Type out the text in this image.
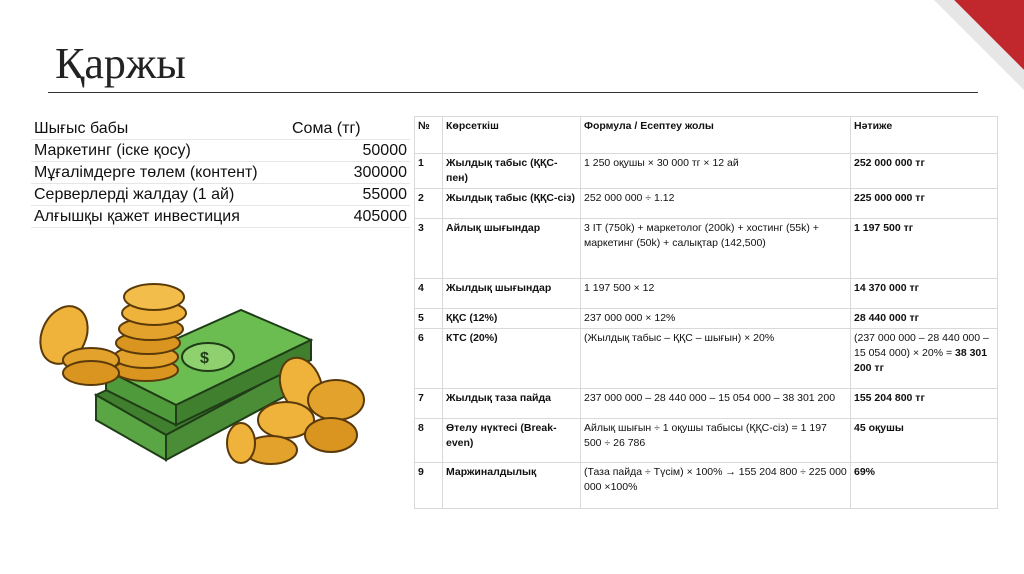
Қаржы
Шығыс бабы	Сома (тг)
Маркетинг (іске қосу)	50000
Мұғалімдерге төлем (контент)	300000
Серверлерді жалдау (1 ай)	55000
Алғышқы қажет инвестиция	405000
$
№	Көрсеткіш	Формула / Есептеу жолы	Нәтиже
1	Жылдық табыс (ҚҚС-пен)	1 250 оқушы × 30 000 тг × 12 ай	252 000 000 тг
2	Жылдық табыс (ҚҚС-сіз)	252 000 000 ÷ 1.12	225 000 000 тг
3	Айлық шығындар	3 IT (750k) + маркетолог (200k) + хостинг (55k) + маркетинг (50k) + салықтар (142,500)	1 197 500 тг
4	Жылдық шығындар	1 197 500 × 12	14 370 000 тг
5	ҚҚС (12%)	237 000 000 × 12%	28 440 000 тг
6	КТС (20%)	(Жылдық табыс – ҚҚС – шығын) × 20%	(237 000 000 – 28 440 000 – 15 054 000) × 20% = 38 301 200 тг
7	Жылдық таза пайда	237 000 000 – 28 440 000 – 15 054 000 – 38 301 200	155 204 800 тг
8	Өтелу нүктесі (Break-even)	Айлық шығын ÷ 1 оқушы табысы (ҚҚС-сіз) = 1 197 500 ÷ 26 786	45 оқушы
9	Маржиналдылық	(Таза пайда ÷ Түсім) × 100% → 155 204 800 ÷ 225 000 000 ×100%	69%
